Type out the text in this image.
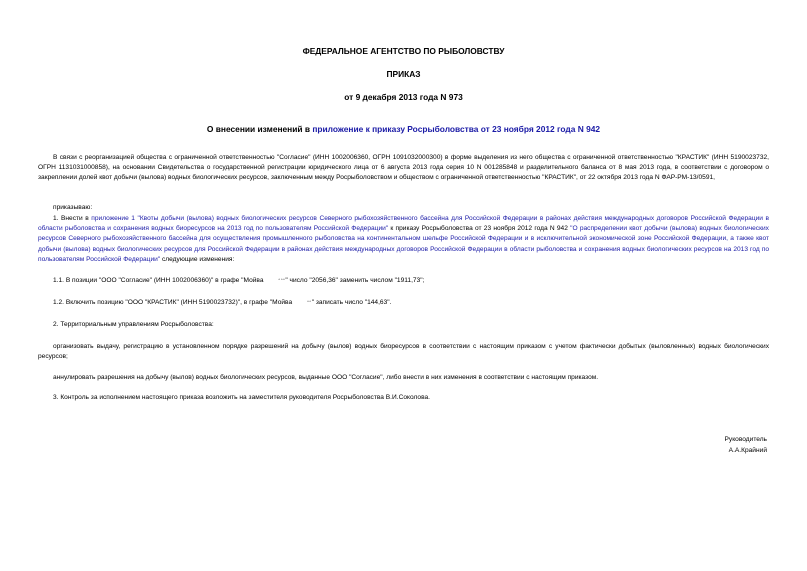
ФЕДЕРАЛЬНОЕ АГЕНТСТВО ПО РЫБОЛОВСТВУ
ПРИКАЗ
от 9 декабря 2013 года N 973
О внесении изменений в приложение к приказу Росрыболовства от 23 ноября 2012 года N 942
В связи с реорганизацией общества с ограниченной ответственностью "Согласие" (ИНН 1002006360, ОГРН 1091032000300) в форме выделения из него общества с ограниченной ответственностью "КРАСТИК" (ИНН 5190023732, ОГРН 1131031000858), на основании Свидетельства о государственной регистрации юридического лица от 6 августа 2013 года серия 10 N 001285848 и разделительного баланса от 8 мая 2013 года, в соответствии с договором о закреплении долей квот добычи (вылова) водных биологических ресурсов, заключенным между Росрыболовством и обществом с ограниченной ответственностью "КРАСТИК", от 22 октября 2013 года N ФАР-РМ-13/0591,
приказываю:
1. Внести в приложение 1 "Квоты добычи (вылова) водных биологических ресурсов Северного рыбохозяйственного бассейна для Российской Федерации в районах действия международных договоров Российской Федерации в области рыболовства и сохранения водных биоресурсов на 2013 год по пользователям Российской Федерации" к приказу Росрыболовства от 23 ноября 2012 года N 942 "О распределении квот добычи (вылова) водных биологических ресурсов Северного рыбохозяйственного бассейна для осуществления промышленного рыболовства на континентальном шельфе Российской Федерации и в исключительной экономической зоне Российской Федерации, а также квот добычи (вылова) водных биологических ресурсов для Российской Федерации в районах действия международных договоров Российской Федерации в области рыболовства и сохранения водных биологических ресурсов на 2013 год по пользователям Российской Федерации" следующие изменения:
1.1. В позиции "ООО "Согласие" (ИНН 1002006360)" в графе "Мойва	▫▫▫" число "2056,36" заменить числом "1911,73";
1.2. Включить позицию "ООО "КРАСТИК" (ИНН 5190023732)", в графе "Мойва	▫▫" записать число "144,63".
2. Территориальным управлениям Росрыболовства:
организовать выдачу, регистрацию в установленном порядке разрешений на добычу (вылов) водных биоресурсов в соответствии с настоящим приказом с учетом фактически добытых (выловленных) водных биологических ресурсов;
аннулировать разрешения на добычу (вылов) водных биологических ресурсов, выданные ООО "Согласие", либо внести в них изменения в соответствии с настоящим приказом.
3. Контроль за исполнением настоящего приказа возложить на заместителя руководителя Росрыболовства В.И.Соколова.
Руководитель
А.А.Крайний
